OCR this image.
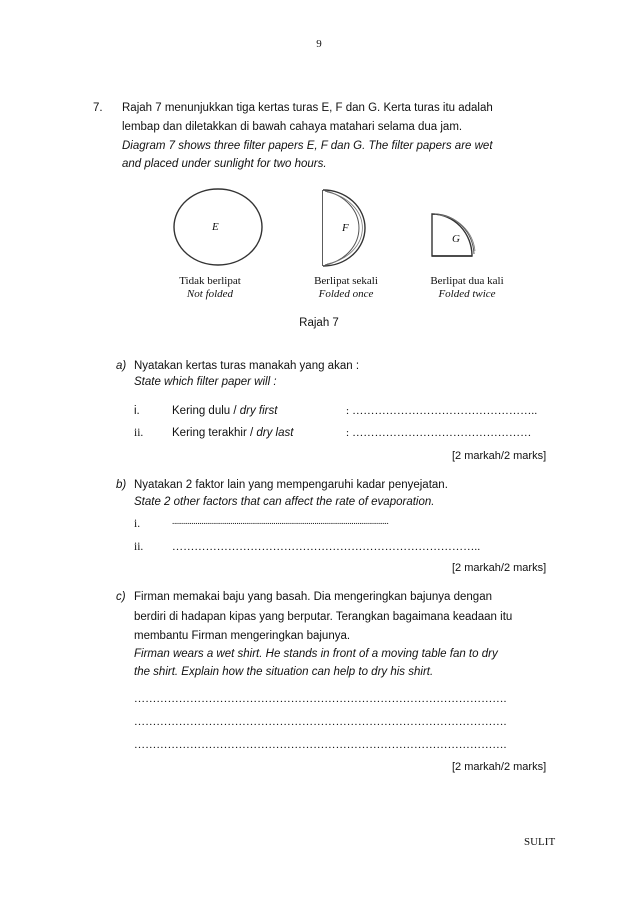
9
7. Rajah 7 menunjukkan tiga kertas turas E, F dan G. Kerta turas itu adalah
lembap dan diletakkan di bawah cahaya matahari selama dua jam.
Diagram 7 shows three filter papers E, F dan G. The filter papers are wet
and placed under sunlight for two hours.
E	F
G
Tidak berlipat
Not folded
Berlipat sekali
Folded once
Berlipat dua kali
Folded twice
Rajah 7
a) Nyatakan kertas turas manakah yang akan :
State which filter paper will :
i.	Kering dulu / dry first	: …………………………………………..
ii. Kering terakhir / dry last	: …………………………………………
[2 markah/2 marks]
b) Nyatakan 2 faktor lain yang mempengaruhi kadar penyejatan.
State 2 other factors that can affect the rate of evaporation.
i.	...............................................................................................................
ii.	………………………………………………………………………..
[2 markah/2 marks]
c) Firman memakai baju yang basah. Dia mengeringkan bajunya dengan
berdiri di hadapan kipas yang berputar. Terangkan bagaimana keadaan itu
membantu Firman mengeringkan bajunya.
Firman wears a wet shirt. He stands in front of a moving table fan to dry
the shirt. Explain how the situation can help to dry his shirt.
……………………………………………………………………………………….
……………………………………………………………………………………….
……………………………………………………………………………………….
[2 markah/2 marks]
SULIT
